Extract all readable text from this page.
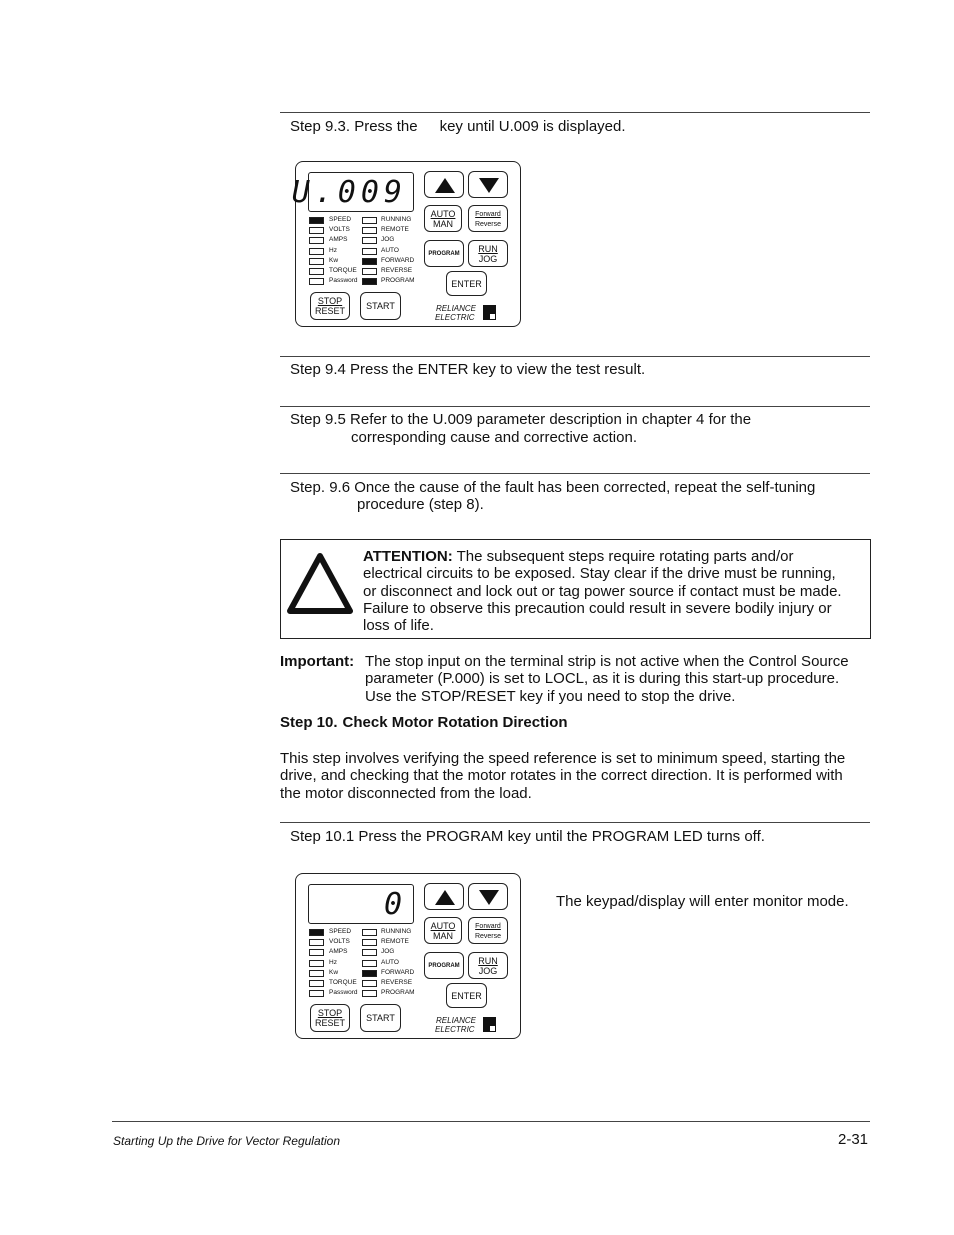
Step 9.3. Press the key until U.009 is displayed.
U.009
AUTO
MAN
Forward
Reverse
PROGRAM	RUN
JOG
ENTER
STOP
RESET	START
SPEED
VOLTS
AMPS
Hz
Kw
TORQUE
Password
RUNNING
REMOTE
JOG
AUTO
FORWARD
REVERSE
PROGRAM
RELIANCE
ELECTRIC
Step 9.4 Press the ENTER key to view the test result.
Step 9.5 Refer to the U.009 parameter description in chapter 4 for the
corresponding cause and corrective action.
Step. 9.6 Once the cause of the fault has been corrected, repeat the self-tuning
procedure (step 8).
ATTENTION: The subsequent steps require rotating parts and/or
electrical circuits to be exposed. Stay clear if the drive must be running,
or disconnect and lock out or tag power source if contact must be made.
Failure to observe this precaution could result in severe bodily injury or
loss of life.
Important: The stop input on the terminal strip is not active when the Control Source
parameter (P.000) is set to LOCL, as it is during this start-up procedure.
Use the STOP/RESET key if you need to stop the drive.
Step 10. Check Motor Rotation Direction
This step involves verifying the speed reference is set to minimum speed, starting the
drive, and checking that the motor rotates in the correct direction. It is performed with
the motor disconnected from the load.
Step 10.1 Press the PROGRAM key until the PROGRAM LED turns off.
0
AUTO
MAN
Forward
Reverse
PROGRAM	RUN
JOG
ENTER
STOP
RESET	START
SPEED
VOLTS
AMPS
Hz
Kw
TORQUE
Password
RUNNING
REMOTE
JOG
AUTO
FORWARD
REVERSE
PROGRAM
RELIANCE
ELECTRIC
The keypad/display will enter monitor mode.
Starting Up the Drive for Vector Regulation	2-31
